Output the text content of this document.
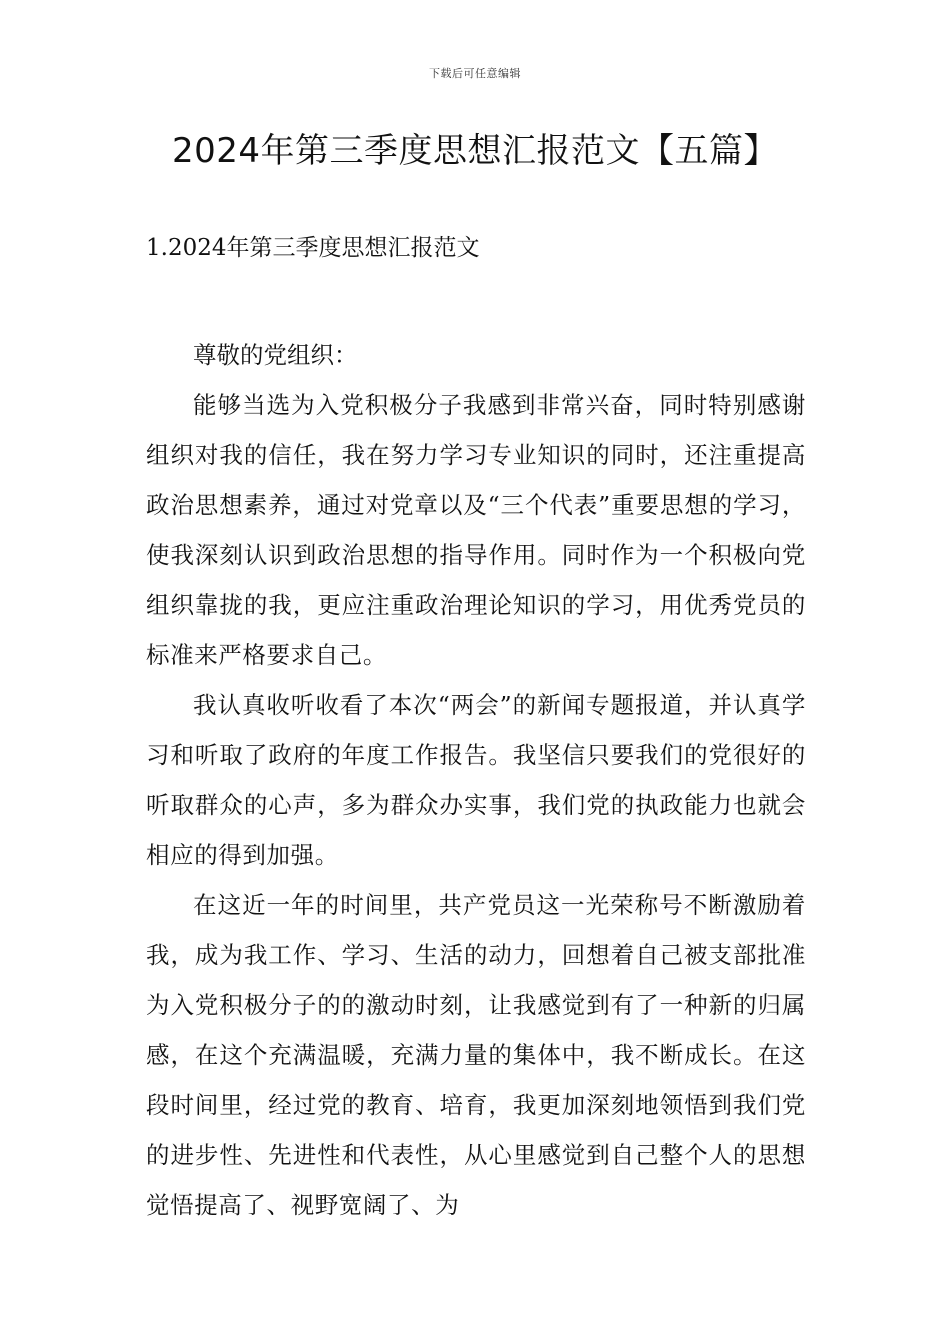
下载后可任意编辑
2024年第三季度思想汇报范文【五篇】
1.2024年第三季度思想汇报范文

尊敬的党组织：

能够当选为入党积极分子我感到非常兴奋，同时特别感谢组织对我的信任，我在努力学习专业知识的同时，还注重提高政治思想素养，通过对党章以及“三个代表”重要思想的学习，使我深刻认识到政治思想的指导作用。同时作为一个积极向党组织靠拢的我，更应注重政治理论知识的学习，用优秀党员的标准来严格要求自己。

我认真收听收看了本次“两会”的新闻专题报道，并认真学习和听取了政府的年度工作报告。我坚信只要我们的党很好的听取群众的心声，多为群众办实事，我们党的执政能力也就会相应的得到加强。

在这近一年的时间里，共产党员这一光荣称号不断激励着我，成为我工作、学习、生活的动力，回想着自己被支部批准为入党积极分子的的激动时刻，让我感觉到有了一种新的归属感，在这个充满温暖，充满力量的集体中，我不断成长。在这段时间里，经过党的教育、培育，我更加深刻地领悟到我们党的进步性、先进性和代表性，从心里感觉到自己整个人的思想觉悟提高了、视野宽阔了、为
